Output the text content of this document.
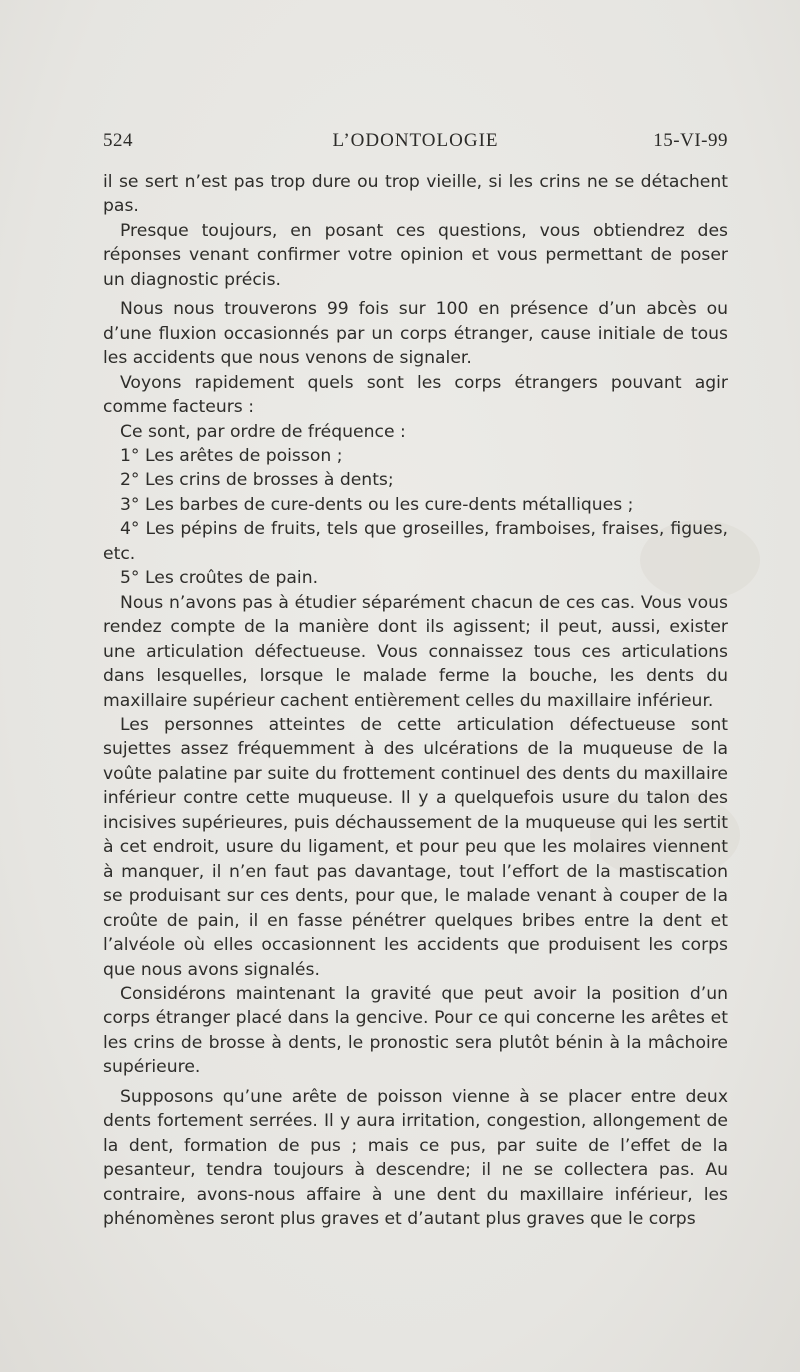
524	L’ODONTOLOGIE	15-VI-99

il se sert n’est pas trop dure ou trop vieille, si les crins ne se détachent pas.

Presque toujours, en posant ces questions, vous obtiendrez des réponses venant confirmer votre opinion et vous permettant de poser un diagnostic précis.

Nous nous trouverons 99 fois sur 100 en présence d’un abcès ou d’une fluxion occasionnés par un corps étranger, cause initiale de tous les accidents que nous venons de signaler.

Voyons rapidement quels sont les corps étrangers pouvant agir comme facteurs :

Ce sont, par ordre de fréquence :

1° Les arêtes de poisson ;

2° Les crins de brosses à dents;

3° Les barbes de cure-dents ou les cure-dents métalliques ;

4° Les pépins de fruits, tels que groseilles, framboises, fraises, figues, etc.

5° Les croûtes de pain.

Nous n’avons pas à étudier séparément chacun de ces cas. Vous vous rendez compte de la manière dont ils agissent; il peut, aussi, exister une articulation défectueuse. Vous connaissez tous ces articulations dans lesquelles, lorsque le malade ferme la bouche, les dents du maxillaire supérieur cachent entièrement celles du maxillaire inférieur.

Les personnes atteintes de cette articulation défectueuse sont sujettes assez fréquemment à des ulcérations de la muqueuse de la voûte palatine par suite du frottement continuel des dents du maxillaire inférieur contre cette muqueuse. Il y a quelquefois usure du talon des incisives supérieures, puis déchaussement de la muqueuse qui les sertit à cet endroit, usure du ligament, et pour peu que les molaires viennent à manquer, il n’en faut pas davantage, tout l’effort de la mastiscation se produisant sur ces dents, pour que, le malade venant à couper de la croûte de pain, il en fasse pénétrer quelques bribes entre la dent et l’alvéole où elles occasionnent les accidents que produisent les corps que nous avons signalés.

Considérons maintenant la gravité que peut avoir la position d’un corps étranger placé dans la gencive. Pour ce qui concerne les arêtes et les crins de brosse à dents, le pronostic sera plutôt bénin à la mâchoire supérieure.

Supposons qu’une arête de poisson vienne à se placer entre deux dents fortement serrées. Il y aura irritation, congestion, allongement de la dent, formation de pus ; mais ce pus, par suite de l’effet de la pesanteur, tendra toujours à descendre; il ne se collectera pas. Au contraire, avons-nous affaire à une dent du maxillaire inférieur, les phénomènes seront plus graves et d’autant plus graves que le corps
